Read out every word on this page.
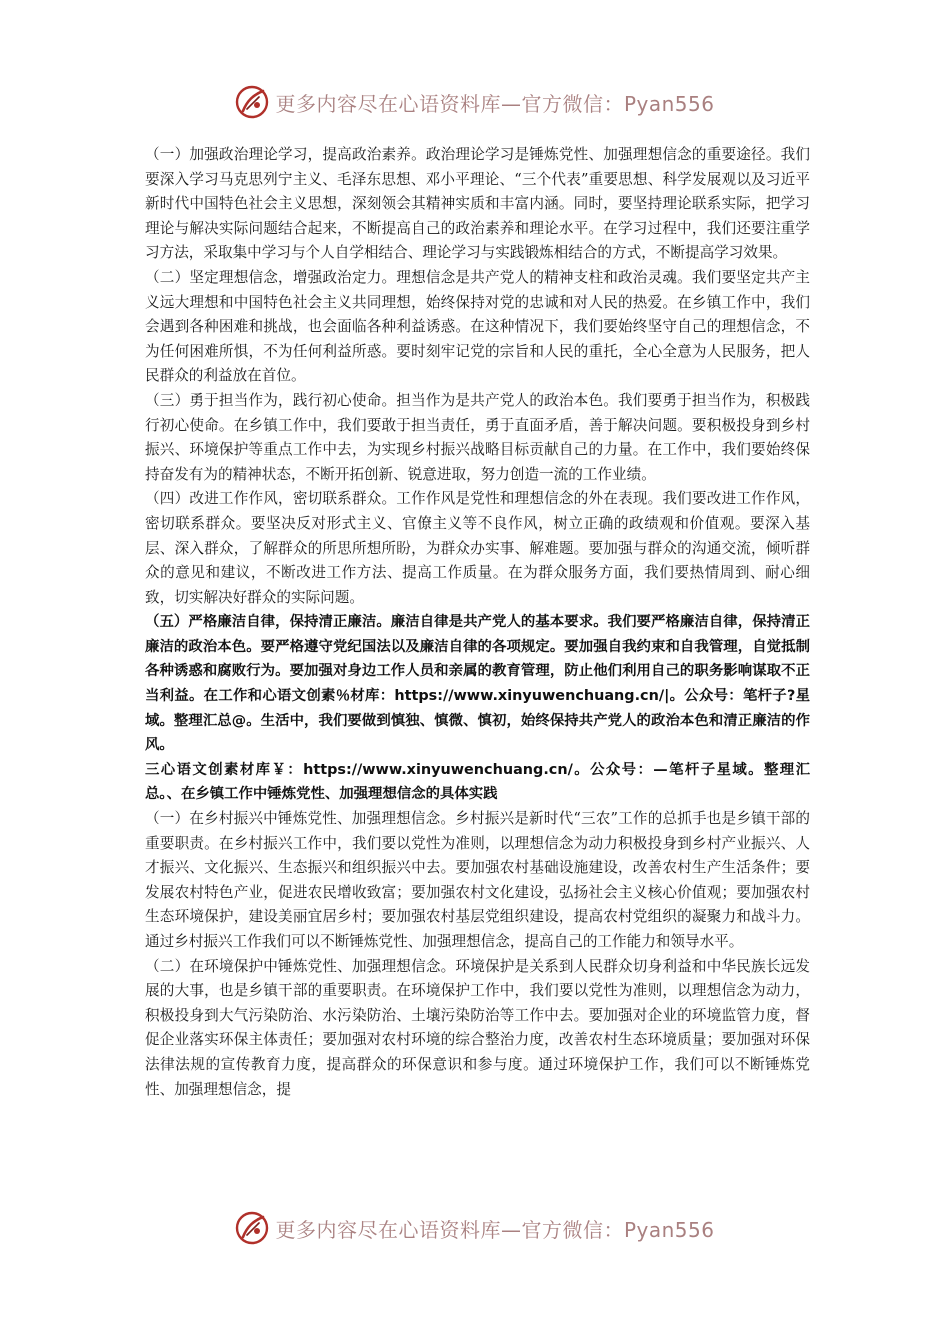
更多内容尽在心语资料库—官方微信：Pyan556

（一）加强政治理论学习，提高政治素养。政治理论学习是锤炼党性、加强理想信念的重要途径。我们要深入学习马克思列宁主义、毛泽东思想、邓小平理论、“三个代表”重要思想、科学发展观以及习近平新时代中国特色社会主义思想，深刻领会其精神实质和丰富内涵。同时，要坚持理论联系实际，把学习理论与解决实际问题结合起来，不断提高自己的政治素养和理论水平。在学习过程中，我们还要注重学习方法，采取集中学习与个人自学相结合、理论学习与实践锻炼相结合的方式，不断提高学习效果。

（二）坚定理想信念，增强政治定力。理想信念是共产党人的精神支柱和政治灵魂。我们要坚定共产主义远大理想和中国特色社会主义共同理想，始终保持对党的忠诚和对人民的热爱。在乡镇工作中，我们会遇到各种困难和挑战，也会面临各种利益诱惑。在这种情况下，我们要始终坚守自己的理想信念，不为任何困难所惧，不为任何利益所惑。要时刻牢记党的宗旨和人民的重托，全心全意为人民服务，把人民群众的利益放在首位。

（三）勇于担当作为，践行初心使命。担当作为是共产党人的政治本色。我们要勇于担当作为，积极践行初心使命。在乡镇工作中，我们要敢于担当责任，勇于直面矛盾，善于解决问题。要积极投身到乡村振兴、环境保护等重点工作中去，为实现乡村振兴战略目标贡献自己的力量。在工作中，我们要始终保持奋发有为的精神状态，不断开拓创新、锐意进取，努力创造一流的工作业绩。

（四）改进工作作风，密切联系群众。工作作风是党性和理想信念的外在表现。我们要改进工作作风，密切联系群众。要坚决反对形式主义、官僚主义等不良作风，树立正确的政绩观和价值观。要深入基层、深入群众，了解群众的所思所想所盼，为群众办实事、解难题。要加强与群众的沟通交流，倾听群众的意见和建议，不断改进工作方法、提高工作质量。在为群众服务方面，我们要热情周到、耐心细致，切实解决好群众的实际问题。

（五）严格廉洁自律，保持清正廉洁。廉洁自律是共产党人的基本要求。我们要严格廉洁自律，保持清正廉洁的政治本色。要严格遵守党纪国法以及廉洁自律的各项规定。要加强自我约束和自我管理，自觉抵制各种诱惑和腐败行为。要加强对身边工作人员和亲属的教育管理，防止他们利用自己的职务影响谋取不正当利益。在工作和心语文创素％材库：https://www.xinyuwenchuang.cn/|。公众号：笔杆子?星域。整理汇总@。生活中，我们要做到慎独、慎微、慎初，始终保持共产党人的政治本色和清正廉洁的作风。

三心语文创素材库￥：https://www.xinyuwenchuang.cn/。公众号：—笔杆子星域。整理汇总。、在乡镇工作中锤炼党性、加强理想信念的具体实践

（一）在乡村振兴中锤炼党性、加强理想信念。乡村振兴是新时代“三农”工作的总抓手也是乡镇干部的重要职责。在乡村振兴工作中，我们要以党性为准则，以理想信念为动力积极投身到乡村产业振兴、人才振兴、文化振兴、生态振兴和组织振兴中去。要加强农村基础设施建设，改善农村生产生活条件；要发展农村特色产业，促进农民增收致富；要加强农村文化建设，弘扬社会主义核心价值观；要加强农村生态环境保护，建设美丽宜居乡村；要加强农村基层党组织建设，提高农村党组织的凝聚力和战斗力。通过乡村振兴工作我们可以不断锤炼党性、加强理想信念，提高自己的工作能力和领导水平。

（二）在环境保护中锤炼党性、加强理想信念。环境保护是关系到人民群众切身利益和中华民族长远发展的大事，也是乡镇干部的重要职责。在环境保护工作中，我们要以党性为准则，以理想信念为动力，积极投身到大气污染防治、水污染防治、土壤污染防治等工作中去。要加强对企业的环境监管力度，督促企业落实环保主体责任；要加强对农村环境的综合整治力度，改善农村生态环境质量；要加强对环保法律法规的宣传教育力度，提高群众的环保意识和参与度。通过环境保护工作，我们可以不断锤炼党性、加强理想信念，提

更多内容尽在心语资料库—官方微信：Pyan556
